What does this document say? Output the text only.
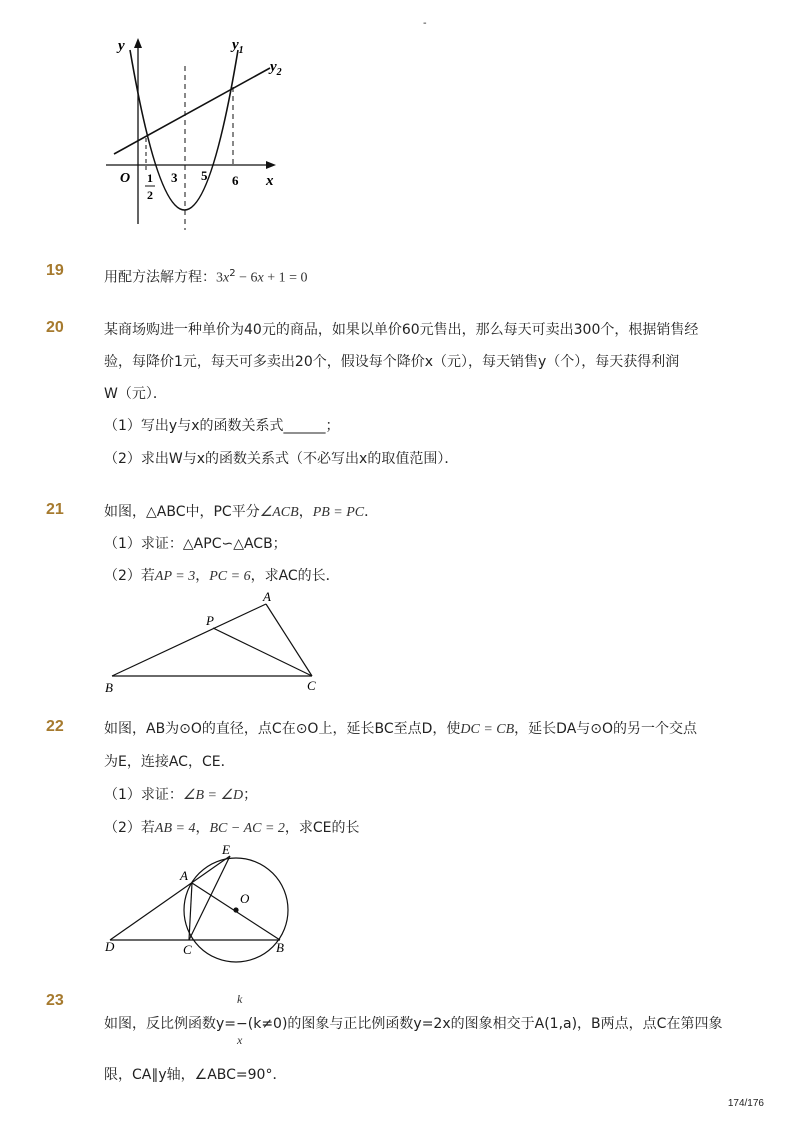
-
y	$y_1$
$y_2$
O	x
1
2
3 5 6
19	用配方法解方程：$3x^2 - 6x + 1 = 0$
20	某商场购进一种单价为40元的商品，如果以单价60元售出，那么每天可卖出300个，根据销售经
验，每降价1元，每天可多卖出20个，假设每个降价x（元），每天销售y（个），每天获得利润
W（元）．
（1）写出y与x的函数关系式______；
（2）求出W与x的函数关系式（不必写出x的取值范围）．
21	如图，△ABC中，PC平分∠ACB，PB = PC．
（1）求证：△APC∽△ACB；
（2）若AP = 3，PC = 6，求AC的长．
A
P
B	C
22	如图，AB为⊙O的直径，点C在⊙O上，延长BC至点D，使DC = CB，延长DA与⊙O的另一个交点
为E，连接AC，CE．
（1）求证：∠B = ∠D；
（2）若AB = 4，BC − AC = 2，求CE的长
E
A
O
D	C	B
23	k
如图，反比例函数y=−(k≠0)的图象与正比例函数y=2x的图象相交于A(1,a)，B两点，点C在第四象
x
限，CA∥y轴，∠ABC=90°．
174/176
